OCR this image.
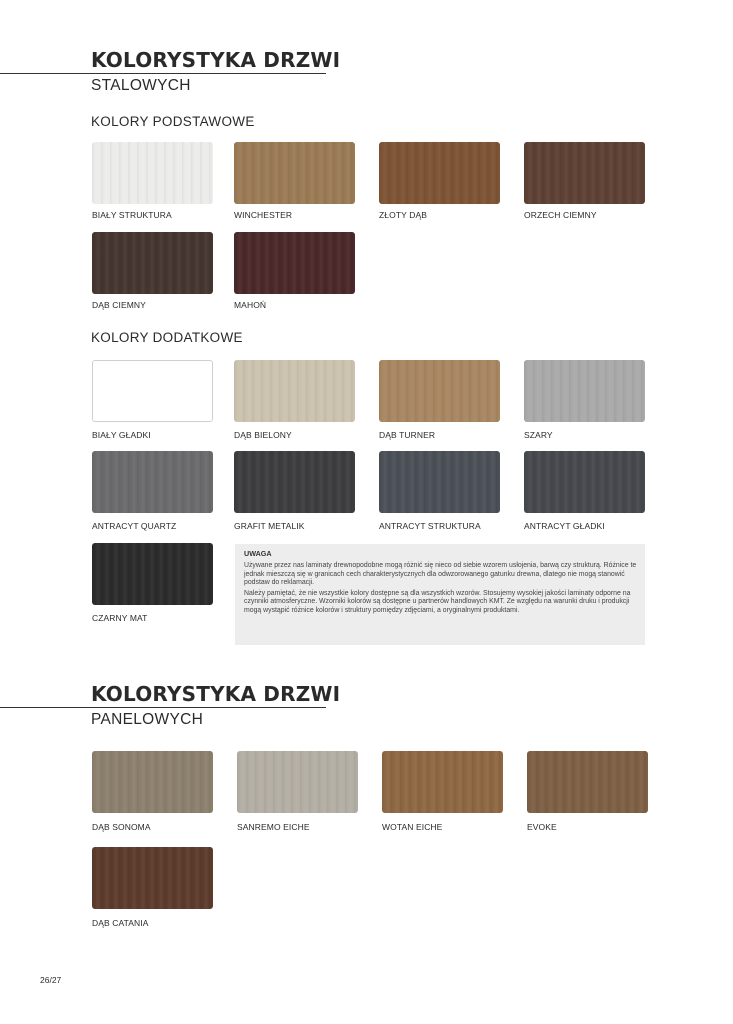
KOLORYSTYKA DRZWI
STALOWYCH
KOLORY PODSTAWOWE
BIAŁY STRUKTURA	WINCHESTER	ZŁOTY DĄB	ORZECH CIEMNY
DĄB CIEMNY	MAHOŃ
KOLORY DODATKOWE
BIAŁY GŁADKI	DĄB BIELONY	DĄB TURNER	SZARY
ANTRACYT QUARTZ	GRAFIT METALIK	ANTRACYT STRUKTURA	ANTRACYT GŁADKI
CZARNY MAT

UWAGA

Używane przez nas laminaty drewnopodobne mogą różnić się nieco od siebie wzorem usłojenia, barwą czy strukturą. Różnice te jednak mieszczą się w granicach cech charakterystycznych dla odwzorowanego gatunku drewna, dlatego nie mogą stanowić podstaw do reklamacji.

Należy pamiętać, że nie wszystkie kolory dostępne są dla wszystkich wzorów. Stosujemy wysokiej jakości laminaty odporne na czynniki atmosferyczne. Wzorniki kolorów są dostępne u partnerów handlowych KMT. Ze względu na warunki druku i produkcji mogą wystąpić różnice kolorów i struktury pomiędzy zdjęciami, a oryginalnymi produktami.

KOLORYSTYKA DRZWI
PANELOWYCH
DĄB SONOMA	SANREMO EICHE	WOTAN EICHE	EVOKE
DĄB CATANIA
26/27
